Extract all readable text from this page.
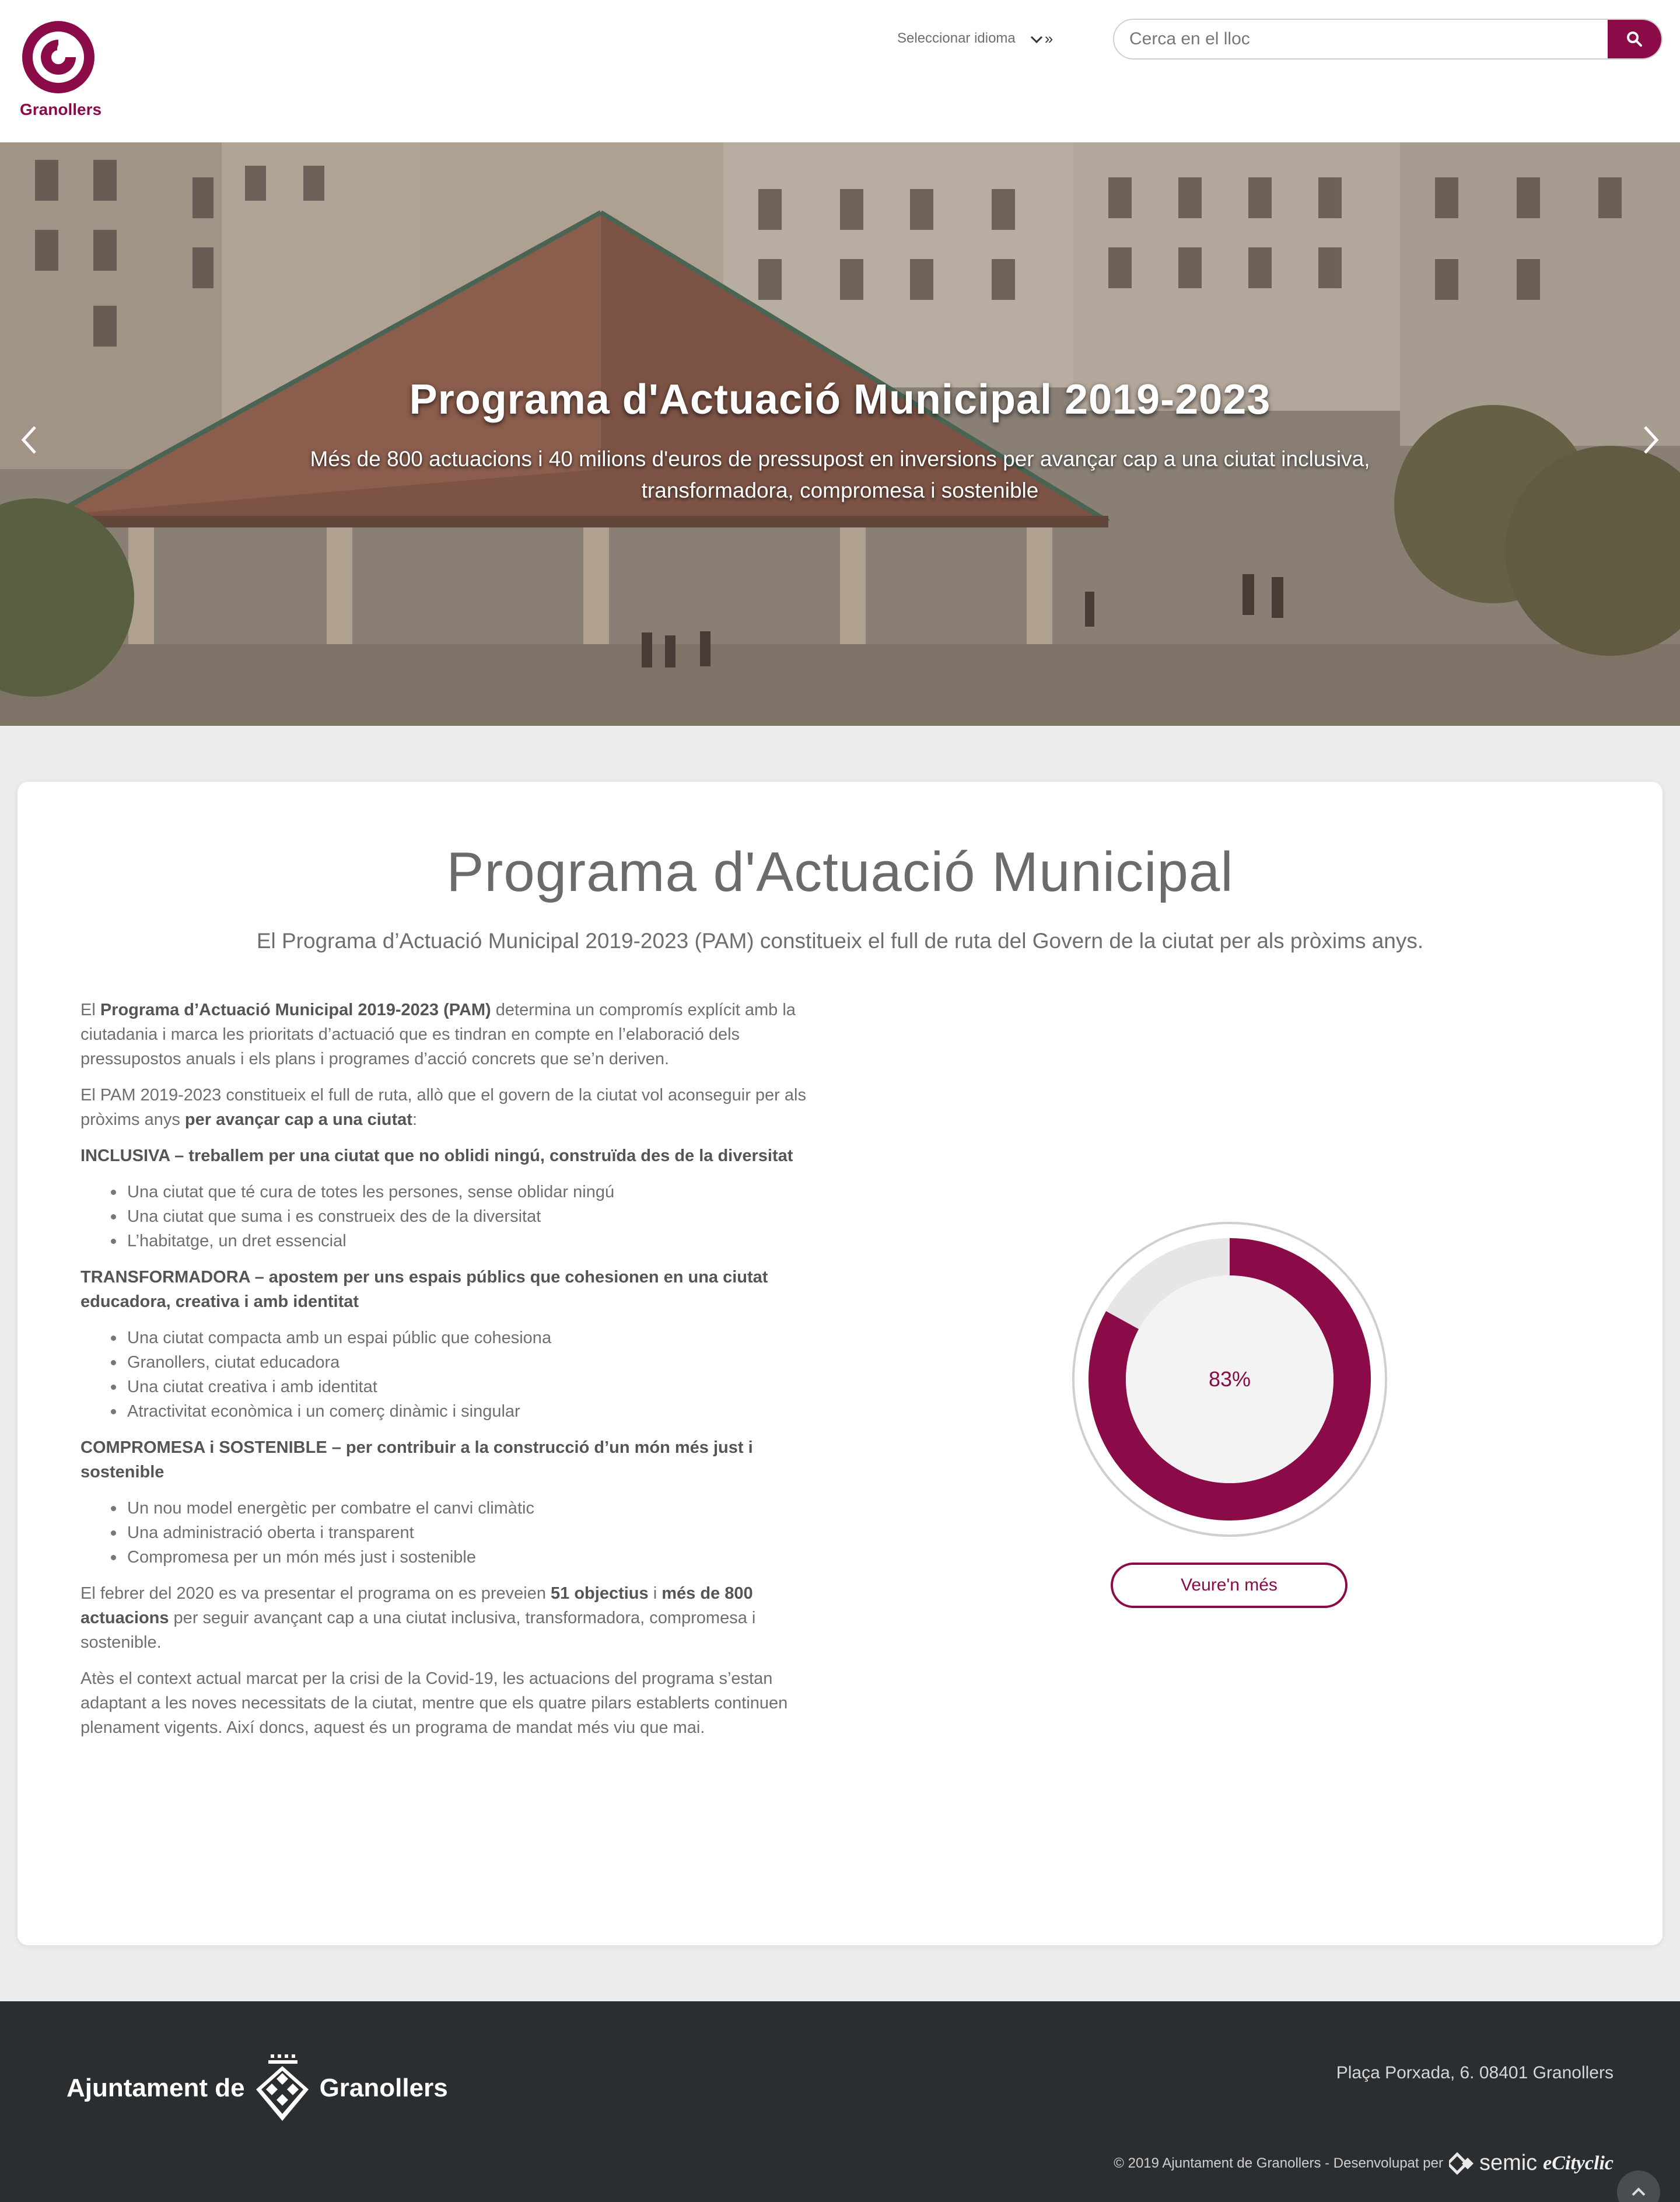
Granollers
Seleccionar idioma	»
Cerca en el lloc
Programa d'Actuació Municipal 2019-2023

Més de 800 actuacions i 40 milions d'euros de pressupost en inversions per avançar cap a una ciutat inclusiva, transformadora, compromesa i sostenible

Programa d'Actuació Municipal

El Programa d’Actuació Municipal 2019-2023 (PAM) constitueix el full de ruta del Govern de la ciutat per als pròxims anys.

El Programa d’Actuació Municipal 2019-2023 (PAM) determina un compromís explícit amb la ciutadania i marca les prioritats d’actuació que es tindran en compte en l’elaboració dels pressupostos anuals i els plans i programes d’acció concrets que se’n deriven.

El PAM 2019-2023 constitueix el full de ruta, allò que el govern de la ciutat vol aconseguir per als pròxims anys per avançar cap a una ciutat:

INCLUSIVA – treballem per una ciutat que no oblidi ningú, construïda des de la diversitat
Una ciutat que té cura de totes les persones, sense oblidar ningú
Una ciutat que suma i es construeix des de la diversitat
L’habitatge, un dret essencial
TRANSFORMADORA – apostem per uns espais públics que cohesionen en una ciutat educadora, creativa i amb identitat
Una ciutat compacta amb un espai públic que cohesiona
Granollers, ciutat educadora
Una ciutat creativa i amb identitat
Atractivitat econòmica i un comerç dinàmic i singular
COMPROMESA i SOSTENIBLE – per contribuir a la construcció d’un món més just i sostenible
Un nou model energètic per combatre el canvi climàtic
Una administració oberta i transparent
Compromesa per un món més just i sostenible

El febrer del 2020 es va presentar el programa on es preveien 51 objectius i més de 800 actuacions per seguir avançant cap a una ciutat inclusiva, transformadora, compromesa i sostenible.

Atès el context actual marcat per la crisi de la Covid-19, les actuacions del programa s’estan adaptant a les noves necessitats de la ciutat, mentre que els quatre pilars establerts continuen plenament vigents. Així doncs, aquest és un programa de mandat més viu que mai.

83%
Veure'n més
Ajuntament de	Granollers
Plaça Porxada, 6. 08401 Granollers
© 2019 Ajuntament de Granollers - Desenvolupat per semic eCityclic
